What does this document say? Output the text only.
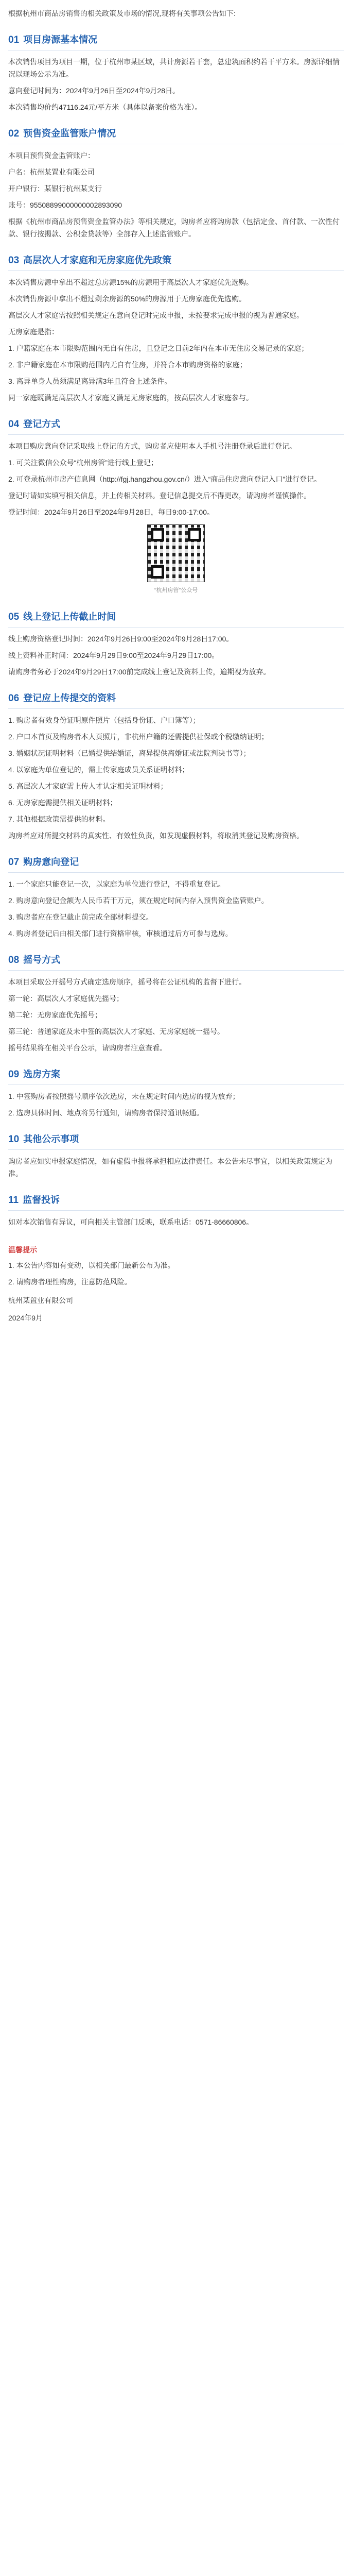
根据杭州市商品房销售的相关政策及市场的情况,现将有关事项公告如下:

01 项目房源基本情况

本次销售项目为项目一期，位于杭州市某区域，共计房源若干套，总建筑面积约若干平方米。房源详细情况以现场公示为准。

意向登记时间为：2024年9月26日至2024年9月28日。

本次销售均价约47116.24元/平方米（具体以备案价格为准）。

02 预售资金监管账户情况

本项目预售资金监管账户：

户名：杭州某置业有限公司

开户银行：某银行杭州某支行

账号：95508899000000002893090

根据《杭州市商品房预售资金监管办法》等相关规定，购房者应将购房款（包括定金、首付款、一次性付款、银行按揭款、公积金贷款等）全部存入上述监管账户。

03 高层次人才家庭和无房家庭优先政策

本次销售房源中拿出不超过总房源15%的房源用于高层次人才家庭优先选购。

本次销售房源中拿出不超过剩余房源的50%的房源用于无房家庭优先选购。

高层次人才家庭需按照相关规定在意向登记时完成申报，未按要求完成申报的视为普通家庭。

无房家庭是指：

1. 户籍家庭在本市限购范围内无自有住房，且登记之日前2年内在本市无住房交易记录的家庭；

2. 非户籍家庭在本市限购范围内无自有住房，并符合本市购房资格的家庭；

3. 离异单身人员须满足离异满3年且符合上述条件。

同一家庭既满足高层次人才家庭又满足无房家庭的，按高层次人才家庭参与。

04 登记方式

本项目购房意向登记采取线上登记的方式，购房者应使用本人手机号注册登录后进行登记。

1. 可关注微信公众号“杭州房管”进行线上登记；

2. 可登录杭州市房产信息网（http://fgj.hangzhou.gov.cn/）进入“商品住房意向登记入口”进行登记。

登记时请如实填写相关信息，并上传相关材料。登记信息提交后不得更改，请购房者谨慎操作。

登记时间：2024年9月26日至2024年9月28日，每日9:00-17:00。

“杭州房管”公众号
05 线上登记上传截止时间

线上购房资格登记时间：2024年9月26日9:00至2024年9月28日17:00。

线上资料补正时间：2024年9月29日9:00至2024年9月29日17:00。

请购房者务必于2024年9月29日17:00前完成线上登记及资料上传，逾期视为放弃。

06 登记应上传提交的资料

1. 购房者有效身份证明原件照片（包括身份证、户口簿等）；

2. 户口本首页及购房者本人页照片，非杭州户籍的还需提供社保或个税缴纳证明；

3. 婚姻状况证明材料（已婚提供结婚证，离异提供离婚证或法院判决书等）；

4. 以家庭为单位登记的，需上传家庭成员关系证明材料；

5. 高层次人才家庭需上传人才认定相关证明材料；

6. 无房家庭需提供相关证明材料；

7. 其他根据政策需提供的材料。

购房者应对所提交材料的真实性、有效性负责，如发现虚假材料，将取消其登记及购房资格。

07 购房意向登记

1. 一个家庭只能登记一次，以家庭为单位进行登记，不得重复登记。

2. 购房意向登记金额为人民币若干万元，须在规定时间内存入预售资金监管账户。

3. 购房者应在登记截止前完成全部材料提交。

4. 购房者登记后由相关部门进行资格审核，审核通过后方可参与选房。

08 摇号方式

本项目采取公开摇号方式确定选房顺序，摇号将在公证机构的监督下进行。

第一轮：高层次人才家庭优先摇号；

第二轮：无房家庭优先摇号；

第三轮：普通家庭及未中签的高层次人才家庭、无房家庭统一摇号。

摇号结果将在相关平台公示，请购房者注意查看。

09 选房方案

1. 中签购房者按照摇号顺序依次选房，未在规定时间内选房的视为放弃；

2. 选房具体时间、地点将另行通知，请购房者保持通讯畅通。

10 其他公示事项

购房者应如实申报家庭情况，如有虚假申报将承担相应法律责任。本公告未尽事宜，以相关政策规定为准。

11 监督投诉

如对本次销售有异议，可向相关主管部门反映，联系电话：0571-86660806。

温馨提示

1. 本公告内容如有变动，以相关部门最新公布为准。

2. 请购房者理性购房，注意防范风险。

杭州某置业有限公司

2024年9月
